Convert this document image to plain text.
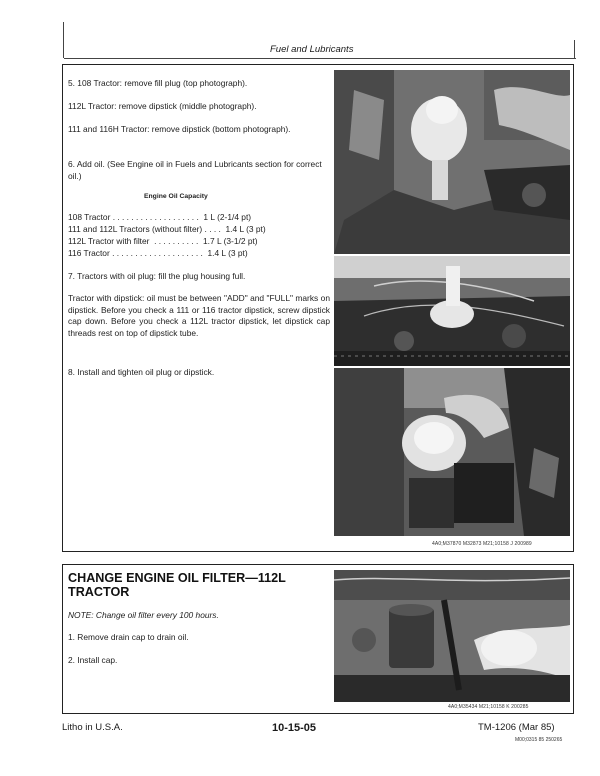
Fuel and Lubricants
5. 108 Tractor: remove fill plug (top photograph).
112L Tractor: remove dipstick (middle photograph).
111 and 116H Tractor: remove dipstick (bottom photograph).
6. Add oil. (See Engine oil in Fuels and Lubricants section for correct oil.)
Engine Oil Capacity
108 Tractor . . . . . . . . . . . . . . . . . . .  1 L (2-1/4 pt)
111 and 112L Tractors (without filter) . . . .  1.4 L (3 pt)
112L Tractor with filter  . . . . . . . . . .  1.7 L (3-1/2 pt)
116 Tractor . . . . . . . . . . . . . . . . . . . .  1.4 L (3 pt)
7. Tractors with oil plug: fill the plug housing full.
Tractor with dipstick: oil must be between "ADD" and "FULL" marks on dipstick. Before you check a 111 or 116 tractor dipstick, screw dipstick cap down. Before you check a 112L tractor dipstick, let dipstick cap threads rest on top of dipstick tube.
8. Install and tighten oil plug or dipstick.
4A0;M37870 M32873 M21;10158 J 200989
CHANGE ENGINE OIL FILTER—112L TRACTOR
NOTE: Change oil filter every 100 hours.
1. Remove drain cap to drain oil.
2. Install cap.
4A0;M35434 M21;10158 K 200285
Litho in U.S.A.	10-15-05	TM-1206 (Mar 85)
M00;0315 85 250265
